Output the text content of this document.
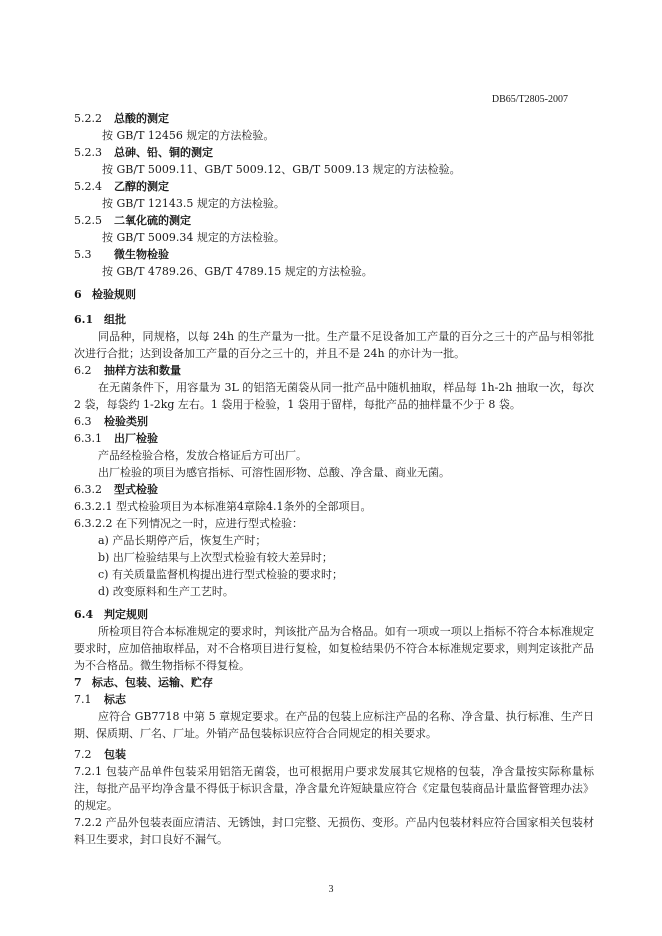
DB65/T2805-2007
5.2.2 总酸的测定
按 GB/T 12456 规定的方法检验。
5.2.3 总砷、铅、铜的测定
按 GB/T 5009.11、GB/T 5009.12、GB/T 5009.13 规定的方法检验。
5.2.4 乙醇的测定
按 GB/T 12143.5 规定的方法检验。
5.2.5 二氧化硫的测定
按 GB/T 5009.34 规定的方法检验。
5.3 微生物检验
按 GB/T 4789.26、GB/T 4789.15 规定的方法检验。
6 检验规则
6.1 组批
同品种，同规格，以每 24h 的生产量为一批。生产量不足设备加工产量的百分之三十的产品与相邻批次进行合批；达到设备加工产量的百分之三十的，并且不是 24h 的亦计为一批。
6.2 抽样方法和数量
在无菌条件下，用容量为 3L 的铝箔无菌袋从同一批产品中随机抽取，样品每 1h-2h 抽取一次，每次 2 袋，每袋约 1-2kg 左右。1 袋用于检验，1 袋用于留样，每批产品的抽样量不少于 8 袋。
6.3 检验类别
6.3.1 出厂检验
产品经检验合格，发放合格证后方可出厂。
出厂检验的项目为感官指标、可溶性固形物、总酸、净含量、商业无菌。
6.3.2 型式检验
6.3.2.1 型式检验项目为本标准第4章除4.1条外的全部项目。
6.3.2.2 在下列情况之一时，应进行型式检验：
a) 产品长期停产后，恢复生产时；
b) 出厂检验结果与上次型式检验有较大差异时；
c) 有关质量监督机构提出进行型式检验的要求时；
d) 改变原料和生产工艺时。
6.4 判定规则
所检项目符合本标准规定的要求时，判该批产品为合格品。如有一项或一项以上指标不符合本标准规定要求时，应加倍抽取样品，对不合格项目进行复检，如复检结果仍不符合本标准规定要求，则判定该批产品为不合格品。微生物指标不得复检。
7 标志、包装、运输、贮存
7.1 标志
应符合 GB7718 中第 5 章规定要求。在产品的包装上应标注产品的名称、净含量、执行标准、生产日期、保质期、厂名、厂址。外销产品包装标识应符合合同规定的相关要求。
7.2 包装
7.2.1 包装产品单件包装采用铝箔无菌袋，也可根据用户要求发展其它规格的包装，净含量按实际称量标注，每批产品平均净含量不得低于标识含量，净含量允许短缺量应符合《定量包装商品计量监督管理办法》的规定。
7.2.2 产品外包装表面应清洁、无锈蚀，封口完整、无损伤、变形。产品内包装材料应符合国家相关包装材料卫生要求，封口良好不漏气。
3
